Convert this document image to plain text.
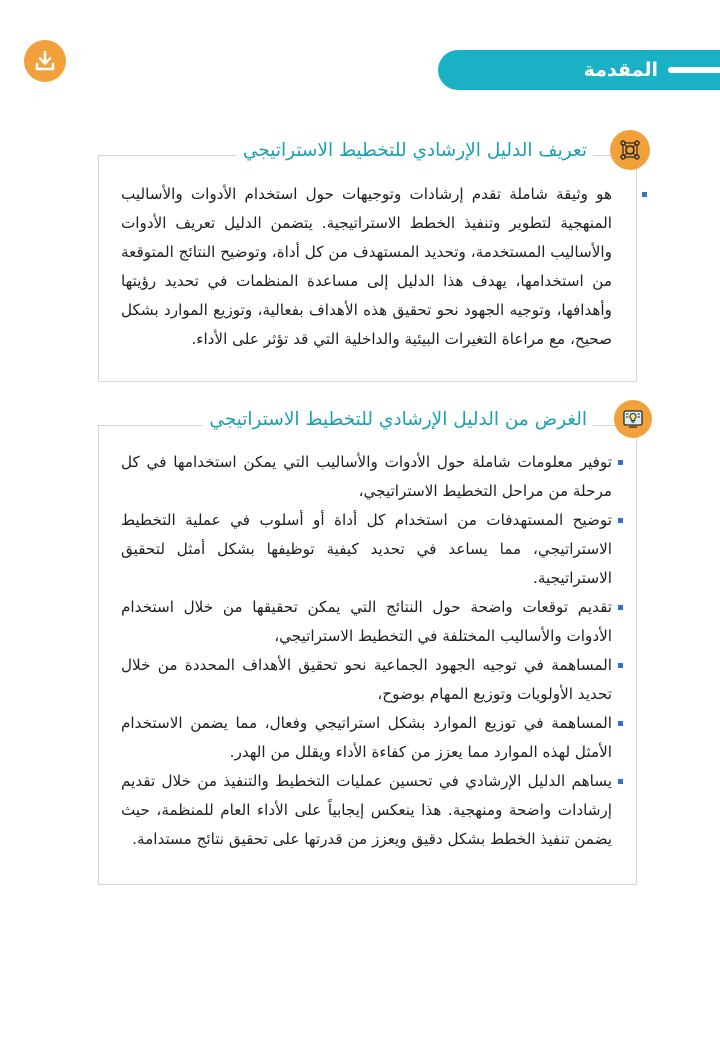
المقدمة

هو وثيقة شاملة تقدم إرشادات وتوجيهات حول استخدام الأدوات والأساليب المنهجية لتطوير وتنفيذ الخطط الاستراتيجية. يتضمن الدليل تعريف الأدوات والأساليب المستخدمة، وتحديد المستهدف من كل أداة، وتوضيح النتائج المتوقعة من استخدامها، يهدف هذا الدليل إلى مساعدة المنظمات في تحديد رؤيتها وأهدافها، وتوجيه الجهود نحو تحقيق هذه الأهداف بفعالية، وتوزيع الموارد بشكل صحيح، مع مراعاة التغيرات البيئية والداخلية التي قد تؤثر على الأداء.

تعريف الدليل الإرشادي للتخطيط الاستراتيجي
توفير معلومات شاملة حول الأدوات والأساليب التي يمكن استخدامها في كل مرحلة من مراحل التخطيط الاستراتيجي،
توضيح المستهدفات من استخدام كل أداة أو أسلوب في عملية التخطيط الاستراتيجي، مما يساعد في تحديد كيفية توظيفها بشكل أمثل لتحقيق الاستراتيجية.
تقديم توقعات واضحة حول النتائج التي يمكن تحقيقها من خلال استخدام الأدوات والأساليب المختلفة في التخطيط الاستراتيجي،
المساهمة في توجيه الجهود الجماعية نحو تحقيق الأهداف المحددة من خلال تحديد الأولويات وتوزيع المهام بوضوح،
المساهمة في توزيع الموارد بشكل استراتيجي وفعال، مما يضمن الاستخدام الأمثل لهذه الموارد مما يعزز من كفاءة الأداء ويقلل من الهدر.
يساهم الدليل الإرشادي في تحسين عمليات التخطيط والتنفيذ من خلال تقديم إرشادات واضحة ومنهجية. هذا ينعكس إيجابياً على الأداء العام للمنظمة، حيث يضمن تنفيذ الخطط بشكل دقيق ويعزز من قدرتها على تحقيق نتائج مستدامة.
الغرض من الدليل الإرشادي للتخطيط الاستراتيجي
